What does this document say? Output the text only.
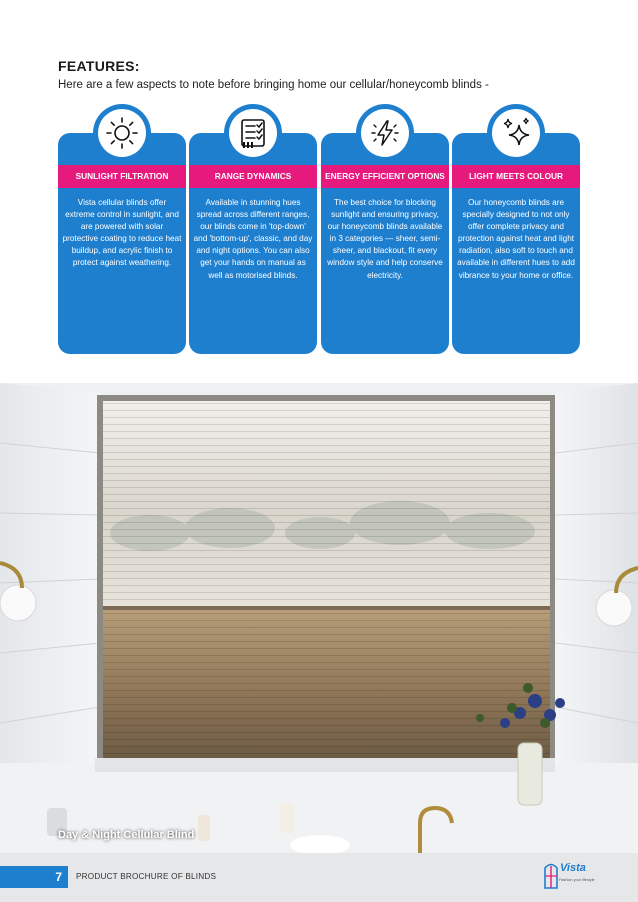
FEATURES:
Here are a few aspects to note before bringing home our cellular/honeycomb blinds -
SUNLIGHT FILTRATION
Vista cellular blinds offer extreme control in sunlight, and are powered with solar protective coating to reduce heat buildup, and acrylic finish to protect against weathering.
RANGE DYNAMICS
Available in stunning hues spread across different ranges, our blinds come in 'top-down' and 'bottom-up', classic, and day and night options. You can also get your hands on manual as well as motorised blinds.
ENERGY EFFICIENT OPTIONS
The best choice for blocking sunlight and ensuring privacy, our honeycomb blinds available in 3 categories — sheer, semi-sheer, and blackout, fit every window style and help conserve electricity.
LIGHT MEETS COLOUR
Our honeycomb blinds are specially designed to not only offer complete privacy and protection against heat and light radiation, also soft to touch and available in different hues to add vibrance to your home or office.
Day & Night Cellular Blind
7	PRODUCT BROCHURE OF BLINDS
Vista
Fashion your lifestyle
